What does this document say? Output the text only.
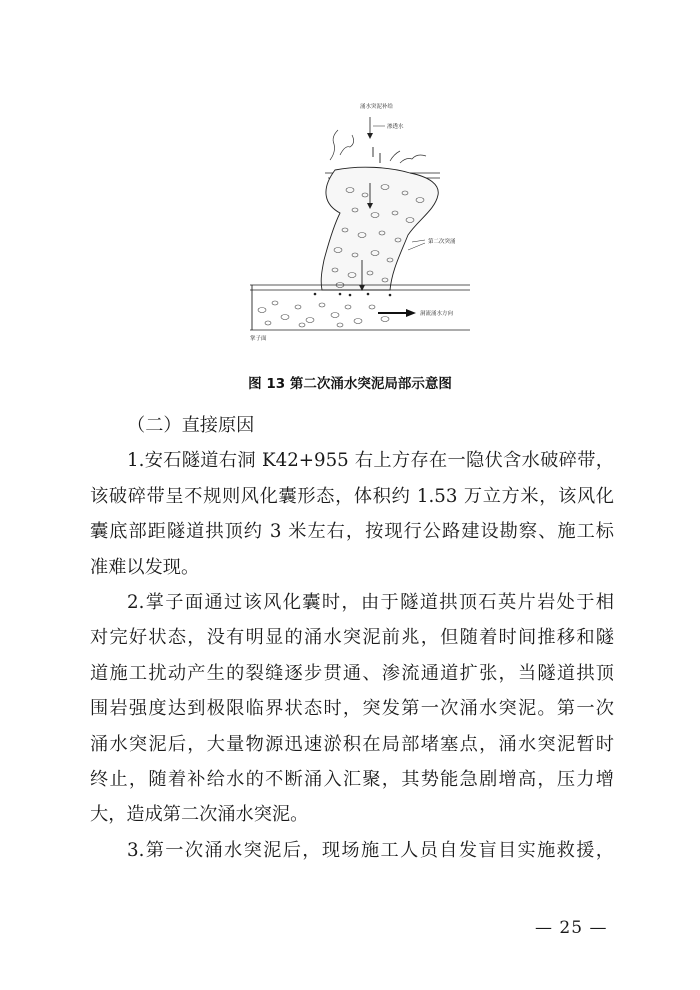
涌水突泥补给
渗透水
第二次突涌
洞流涌水方向
掌子面
图 13 第二次涌水突泥局部示意图
（二）直接原因
1.安石隧道右洞 K42+955 右上方存在一隐伏含水破碎带，
该破碎带呈不规则风化囊形态，体积约 1.53 万立方米，该风化
囊底部距隧道拱顶约 3 米左右，按现行公路建设勘察、施工标
准难以发现。
2.掌子面通过该风化囊时，由于隧道拱顶石英片岩处于相
对完好状态，没有明显的涌水突泥前兆，但随着时间推移和隧
道施工扰动产生的裂缝逐步贯通、渗流通道扩张，当隧道拱顶
围岩强度达到极限临界状态时，突发第一次涌水突泥。第一次
涌水突泥后，大量物源迅速淤积在局部堵塞点，涌水突泥暂时
终止，随着补给水的不断涌入汇聚，其势能急剧增高，压力增
大，造成第二次涌水突泥。
3.第一次涌水突泥后，现场施工人员自发盲目实施救援，
— 25 —
